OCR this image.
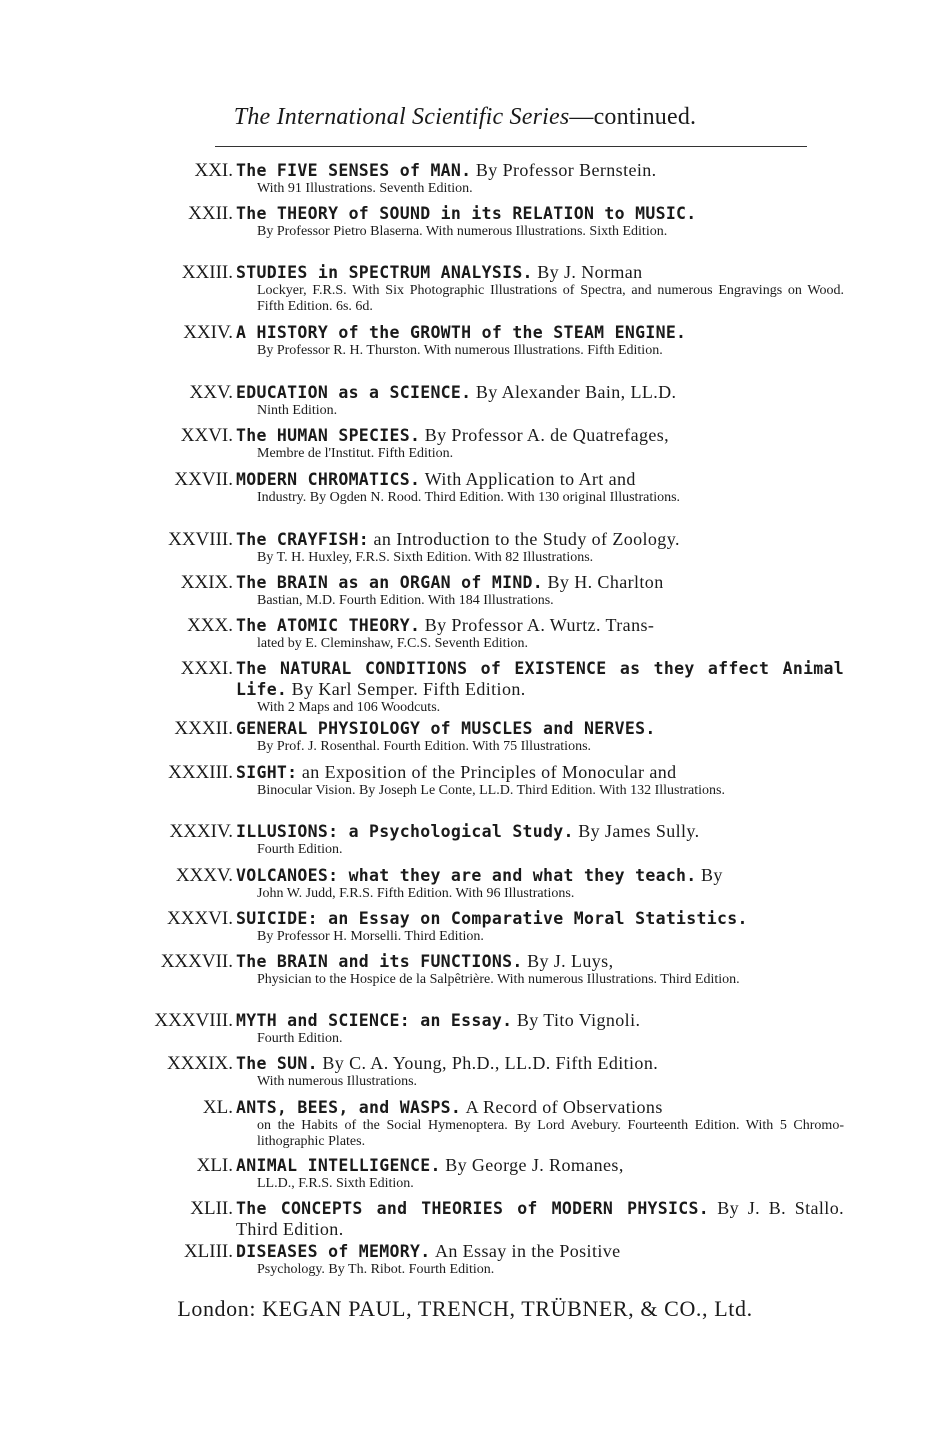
The International Scientific Series—continued.
XXI. The FIVE SENSES of MAN. By Professor Bernstein.
With 91 Illustrations. Seventh Edition.
XXII. The THEORY of SOUND in its RELATION to MUSIC.
By Professor Pietro Blaserna. With numerous Illustrations. Sixth Edition.
XXIII. STUDIES in SPECTRUM ANALYSIS. By J. Norman
Lockyer, F.R.S. With Six Photographic Illustrations of Spectra, and numerous Engravings on Wood. Fifth Edition. 6s. 6d.
XXIV. A HISTORY of the GROWTH of the STEAM ENGINE.
By Professor R. H. Thurston. With numerous Illustrations. Fifth Edition.
XXV. EDUCATION as a SCIENCE. By Alexander Bain, LL.D.
Ninth Edition.
XXVI. The HUMAN SPECIES. By Professor A. de Quatrefages,
Membre de l'Institut. Fifth Edition.
XXVII. MODERN CHROMATICS. With Application to Art and
Industry. By Ogden N. Rood. Third Edition. With 130 original Illustrations.
XXVIII. The CRAYFISH: an Introduction to the Study of Zoology.
By T. H. Huxley, F.R.S. Sixth Edition. With 82 Illustrations.
XXIX. The BRAIN as an ORGAN of MIND. By H. Charlton
Bastian, M.D. Fourth Edition. With 184 Illustrations.
XXX. The ATOMIC THEORY. By Professor A. Wurtz. Trans-
lated by E. Cleminshaw, F.C.S. Seventh Edition.
XXXI. The NATURAL CONDITIONS of EXISTENCE as they affect Animal Life. By Karl Semper. Fifth Edition.
With 2 Maps and 106 Woodcuts.
XXXII. GENERAL PHYSIOLOGY of MUSCLES and NERVES.
By Prof. J. Rosenthal. Fourth Edition. With 75 Illustrations.
XXXIII. SIGHT: an Exposition of the Principles of Monocular and
Binocular Vision. By Joseph Le Conte, LL.D. Third Edition. With 132 Illustrations.
XXXIV. ILLUSIONS: a Psychological Study. By James Sully.
Fourth Edition.
XXXV. VOLCANOES: what they are and what they teach. By
John W. Judd, F.R.S. Fifth Edition. With 96 Illustrations.
XXXVI. SUICIDE: an Essay on Comparative Moral Statistics.
By Professor H. Morselli. Third Edition.
XXXVII. The BRAIN and its FUNCTIONS. By J. Luys,
Physician to the Hospice de la Salpêtrière. With numerous Illustrations. Third Edition.
XXXVIII. MYTH and SCIENCE: an Essay. By Tito Vignoli.
Fourth Edition.
XXXIX. The SUN. By C. A. Young, Ph.D., LL.D. Fifth Edition.
With numerous Illustrations.
XL. ANTS, BEES, and WASPS. A Record of Observations
on the Habits of the Social Hymenoptera. By Lord Avebury. Fourteenth Edition. With 5 Chromo-lithographic Plates.
XLI. ANIMAL INTELLIGENCE. By George J. Romanes,
LL.D., F.R.S. Sixth Edition.
XLII. The CONCEPTS and THEORIES of MODERN PHYSICS. By J. B. Stallo. Third Edition.
XLIII. DISEASES of MEMORY. An Essay in the Positive
Psychology. By Th. Ribot. Fourth Edition.
London: KEGAN PAUL, TRENCH, TRÜBNER, & CO., Ltd.
